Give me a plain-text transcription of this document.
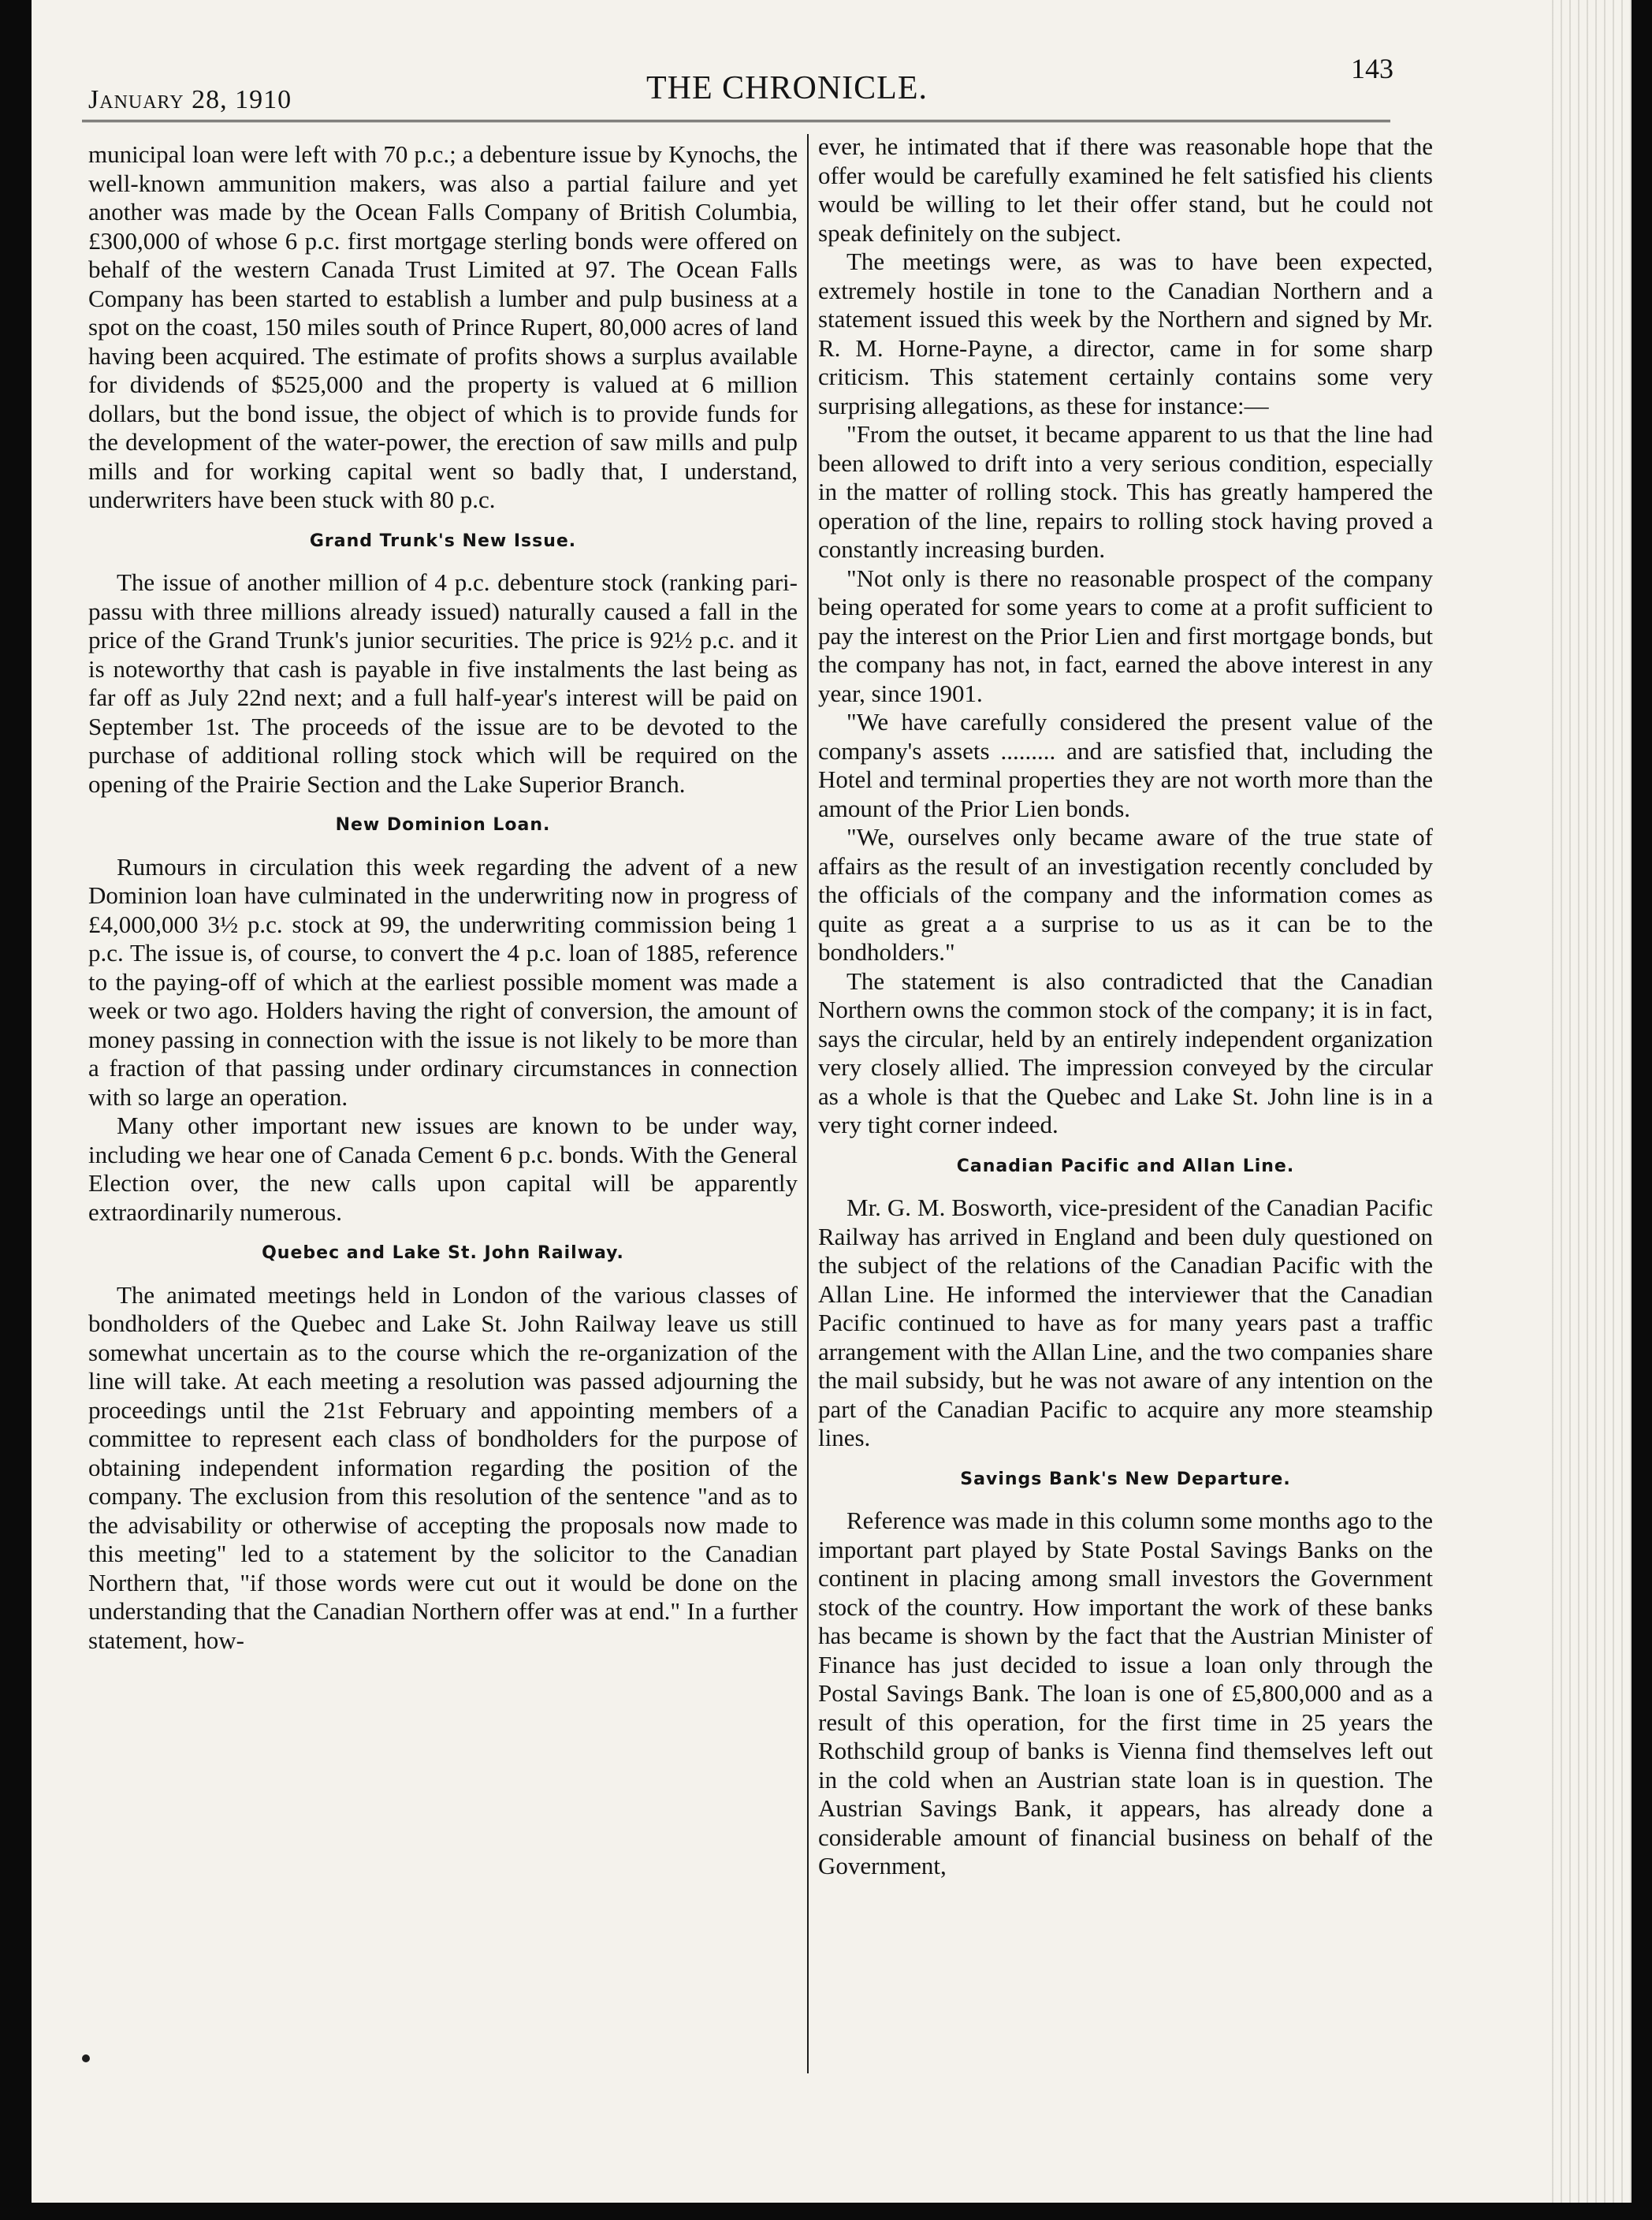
January 28, 1910	THE CHRONICLE.
143

municipal loan were left with 70 p.c.; a debenture issue by Kynochs, the well-known ammunition makers, was also a partial failure and yet another was made by the Ocean Falls Company of British Columbia, £300,000 of whose 6 p.c. first mortgage sterling bonds were offered on behalf of the western Canada Trust Limited at 97. The Ocean Falls Company has been started to establish a lumber and pulp business at a spot on the coast, 150 miles south of Prince Rupert, 80,000 acres of land having been acquired. The estimate of profits shows a surplus available for dividends of $525,000 and the property is valued at 6 million dollars, but the bond issue, the object of which is to provide funds for the development of the water-power, the erection of saw mills and pulp mills and for working capital went so badly that, I understand, underwriters have been stuck with 80 p.c.

Grand Trunk's New Issue.

The issue of another million of 4 p.c. debenture stock (ranking pari-passu with three millions already issued) naturally caused a fall in the price of the Grand Trunk's junior securities. The price is 92½ p.c. and it is noteworthy that cash is payable in five instalments the last being as far off as July 22nd next; and a full half-year's interest will be paid on September 1st. The proceeds of the issue are to be devoted to the purchase of additional rolling stock which will be required on the opening of the Prairie Section and the Lake Superior Branch.

New Dominion Loan.

Rumours in circulation this week regarding the advent of a new Dominion loan have culminated in the underwriting now in progress of £4,000,000 3½ p.c. stock at 99, the underwriting commission being 1 p.c. The issue is, of course, to convert the 4 p.c. loan of 1885, reference to the paying-off of which at the earliest possible moment was made a week or two ago. Holders having the right of conversion, the amount of money passing in connection with the issue is not likely to be more than a fraction of that passing under ordinary circumstances in connection with so large an operation.

Many other important new issues are known to be under way, including we hear one of Canada Cement 6 p.c. bonds. With the General Election over, the new calls upon capital will be apparently extraordinarily numerous.

Quebec and Lake St. John Railway.

The animated meetings held in London of the various classes of bondholders of the Quebec and Lake St. John Railway leave us still somewhat uncertain as to the course which the re-organization of the line will take. At each meeting a resolution was passed adjourning the proceedings until the 21st February and appointing members of a committee to represent each class of bondholders for the purpose of obtaining independent information regarding the position of the company. The exclusion from this resolution of the sentence "and as to the advisability or otherwise of accepting the proposals now made to this meeting" led to a statement by the solicitor to the Canadian Northern that, "if those words were cut out it would be done on the understanding that the Canadian Northern offer was at end." In a further statement, how-

ever, he intimated that if there was reasonable hope that the offer would be carefully examined he felt satisfied his clients would be willing to let their offer stand, but he could not speak definitely on the subject.

The meetings were, as was to have been expected, extremely hostile in tone to the Canadian Northern and a statement issued this week by the Northern and signed by Mr. R. M. Horne-Payne, a director, came in for some sharp criticism. This statement certainly contains some very surprising allegations, as these for instance:—

"From the outset, it became apparent to us that the line had been allowed to drift into a very serious condition, especially in the matter of rolling stock. This has greatly hampered the operation of the line, repairs to rolling stock having proved a constantly increasing burden.

"Not only is there no reasonable prospect of the company being operated for some years to come at a profit sufficient to pay the interest on the Prior Lien and first mortgage bonds, but the company has not, in fact, earned the above interest in any year, since 1901.

"We have carefully considered the present value of the company's assets ......... and are satisfied that, including the Hotel and terminal properties they are not worth more than the amount of the Prior Lien bonds.

"We, ourselves only became aware of the true state of affairs as the result of an investigation recently concluded by the officials of the company and the information comes as quite as great a a surprise to us as it can be to the bondholders."

The statement is also contradicted that the Canadian Northern owns the common stock of the company; it is in fact, says the circular, held by an entirely independent organization very closely allied. The impression conveyed by the circular as a whole is that the Quebec and Lake St. John line is in a very tight corner indeed.

Canadian Pacific and Allan Line.

Mr. G. M. Bosworth, vice-president of the Canadian Pacific Railway has arrived in England and been duly questioned on the subject of the relations of the Canadian Pacific with the Allan Line. He informed the interviewer that the Canadian Pacific continued to have as for many years past a traffic arrangement with the Allan Line, and the two companies share the mail subsidy, but he was not aware of any intention on the part of the Canadian Pacific to acquire any more steamship lines.

Savings Bank's New Departure.

Reference was made in this column some months ago to the important part played by State Postal Savings Banks on the continent in placing among small investors the Government stock of the country. How important the work of these banks has became is shown by the fact that the Austrian Minister of Finance has just decided to issue a loan only through the Postal Savings Bank. The loan is one of £5,800,000 and as a result of this operation, for the first time in 25 years the Rothschild group of banks is Vienna find themselves left out in the cold when an Austrian state loan is in question. The Austrian Savings Bank, it appears, has already done a considerable amount of financial business on behalf of the Government,
